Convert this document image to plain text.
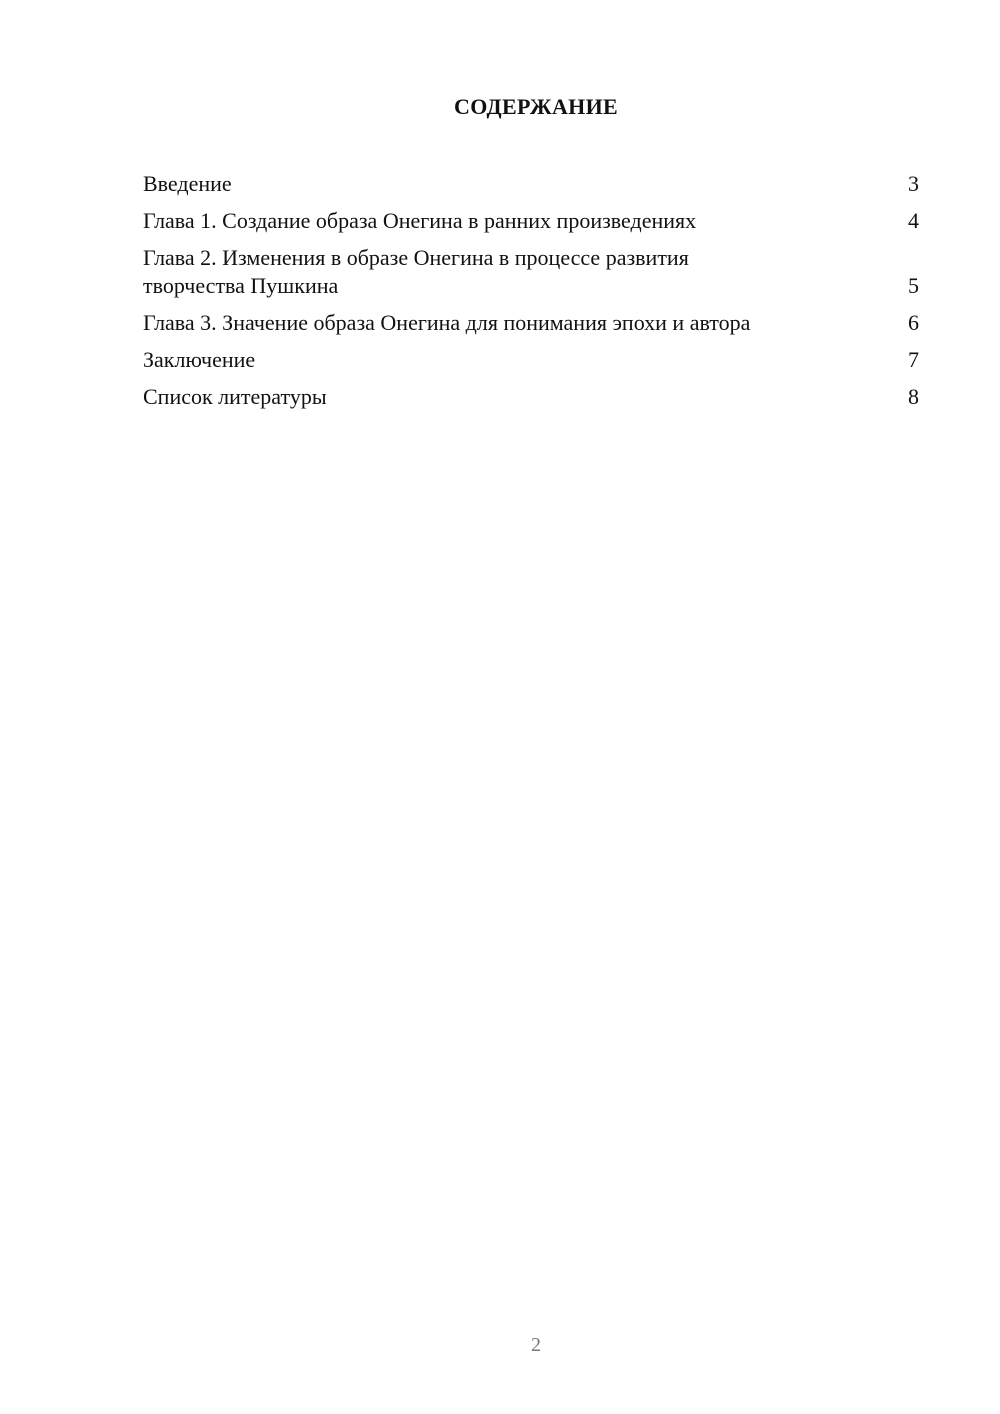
СОДЕРЖАНИЕ
Введение	3
Глава 1. Создание образа Онегина в ранних произведениях	4
Глава 2. Изменения в образе Онегина в процессе развития творчества Пушкина	5
Глава 3. Значение образа Онегина для понимания эпохи и автора	6
Заключение	7
Список литературы	8
2
